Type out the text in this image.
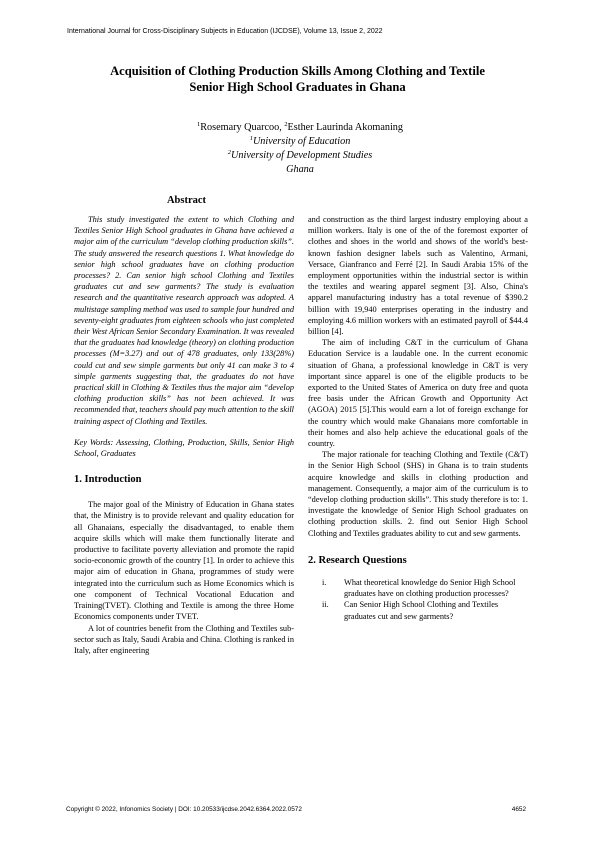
International Journal for Cross-Disciplinary Subjects in Education (IJCDSE), Volume 13, Issue 2, 2022
Acquisition of Clothing Production Skills Among Clothing and Textile
Senior High School Graduates in Ghana
$^1$Rosemary Quarcoo, $^2$Esther Laurinda Akomaning
$^1$University of Education
$^2$University of Development Studies
Ghana
Abstract

This study investigated the extent to which Clothing and Textiles Senior High School graduates in Ghana have achieved a major aim of the curriculum “develop clothing production skills”. The study answered the research questions 1. What knowledge do senior high school graduates have on clothing production processes? 2. Can senior high school Clothing and Textiles graduates cut and sew garments? The study is evaluation research and the quantitative research approach was adopted. A multistage sampling method was used to sample four hundred and seventy-eight graduates from eighteen schools who just completed their West African Senior Secondary Examination. It was revealed that the graduates had knowledge (theory) on clothing production processes (M=3.27) and out of 478 graduates, only 133(28%) could cut and sew simple garments but only 41 can make 3 to 4 simple garments suggesting that, the graduates do not have practical skill in Clothing & Textiles thus the major aim “develop clothing production skills” has not been achieved. It was recommended that, teachers should pay much attention to the skill training aspect of Clothing and Textiles.

Key Words: Assessing, Clothing, Production, Skills, Senior High School, Graduates

1. Introduction

The major goal of the Ministry of Education in Ghana states that, the Ministry is to provide relevant and quality education for all Ghanaians, especially the disadvantaged, to enable them acquire skills which will make them functionally literate and productive to facilitate poverty alleviation and promote the rapid socio-economic growth of the country [1]. In order to achieve this major aim of education in Ghana, programmes of study were integrated into the curriculum such as Home Economics which is one component of Technical Vocational Education and Training(TVET). Clothing and Textile is among the three Home Economics components under TVET.

A lot of countries benefit from the Clothing and Textiles sub-sector such as Italy, Saudi Arabia and China. Clothing is ranked in Italy, after engineering

and construction as the third largest industry employing about a million workers. Italy is one of the of the foremost exporter of clothes and shoes in the world and shows of the world's best-known fashion designer labels such as Valentino, Armani, Versace, Gianfranco and Ferré [2]. In Saudi Arabia 15% of the employment opportunities within the industrial sector is within the textiles and wearing apparel segment [3]. Also, China's apparel manufacturing industry has a total revenue of $390.2 billion with 19,940 enterprises operating in the industry and employing 4.6 million workers with an estimated payroll of $44.4 billion [4].

The aim of including C&T in the curriculum of Ghana Education Service is a laudable one. In the current economic situation of Ghana, a professional knowledge in C&T is very important since apparel is one of the eligible products to be exported to the United States of America on duty free and quota free basis under the African Growth and Opportunity Act (AGOA) 2015 [5].This would earn a lot of foreign exchange for the country which would make Ghanaians more comfortable in their homes and also help achieve the educational goals of the country.

The major rationale for teaching Clothing and Textile (C&T) in the Senior High School (SHS) in Ghana is to train students acquire knowledge and skills in clothing production and management. Consequently, a major aim of the curriculum is to “develop clothing production skills”. This study therefore is to: 1. investigate the knowledge of Senior High School graduates on clothing production skills. 2. find out Senior High School Clothing and Textiles graduates ability to cut and sew garments.

2. Research Questions
i.	What theoretical knowledge do Senior High School graduates have on clothing production processes?
ii.	Can Senior High School Clothing and Textiles graduates cut and sew garments?
Copyright © 2022, Infonomics Society | DOI: 10.20533/ijcdse.2042.6364.2022.0572	4652
